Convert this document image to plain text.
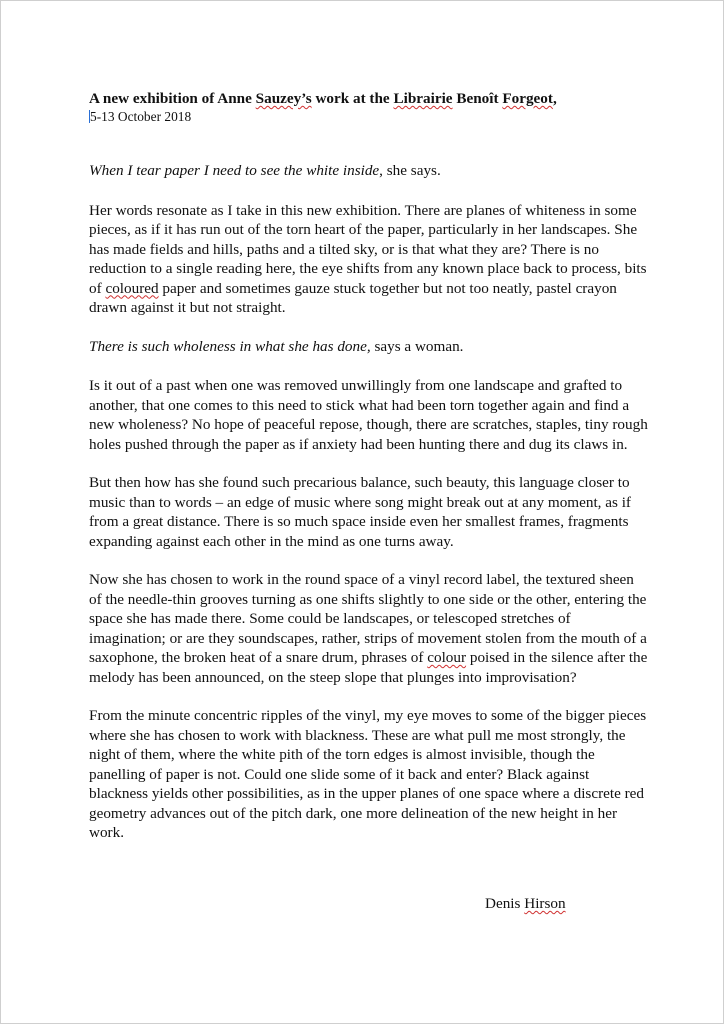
A new exhibition of Anne Sauzey’s work at the Librairie Benoît Forgeot,

5-13 October 2018

When I tear paper I need to see the white inside, she says.

Her words resonate as I take in this new exhibition. There are planes of whiteness in some pieces, as if it has run out of the torn heart of the paper, particularly in her landscapes. She has made fields and hills, paths and a tilted sky, or is that what they are? There is no reduction to a single reading here, the eye shifts from any known place back to process, bits of coloured paper and sometimes gauze stuck together but not too neatly, pastel crayon drawn against it but not straight.

There is such wholeness in what she has done, says a woman.

Is it out of a past when one was removed unwillingly from one landscape and grafted to another, that one comes to this need to stick what had been torn together again and find a new wholeness? No hope of peaceful repose, though, there are scratches, staples, tiny rough holes pushed through the paper as if anxiety had been hunting there and dug its claws in.

But then how has she found such precarious balance, such beauty, this language closer to music than to words – an edge of music where song might break out at any moment, as if from a great distance. There is so much space inside even her smallest frames, fragments expanding against each other in the mind as one turns away.

Now she has chosen to work in the round space of a vinyl record label, the textured sheen of the needle-thin grooves turning as one shifts slightly to one side or the other, entering the space she has made there. Some could be landscapes, or telescoped stretches of imagination; or are they soundscapes, rather, strips of movement stolen from the mouth of a saxophone, the broken heat of a snare drum, phrases of colour poised in the silence after the melody has been announced, on the steep slope that plunges into improvisation?

From the minute concentric ripples of the vinyl, my eye moves to some of the bigger pieces where she has chosen to work with blackness. These are what pull me most strongly, the night of them, where the white pith of the torn edges is almost invisible, though the panelling of paper is not. Could one slide some of it back and enter? Black against blackness yields other possibilities, as in the upper planes of one space where a discrete red geometry advances out of the pitch dark, one more delineation of the new height in her work.

Denis Hirson
